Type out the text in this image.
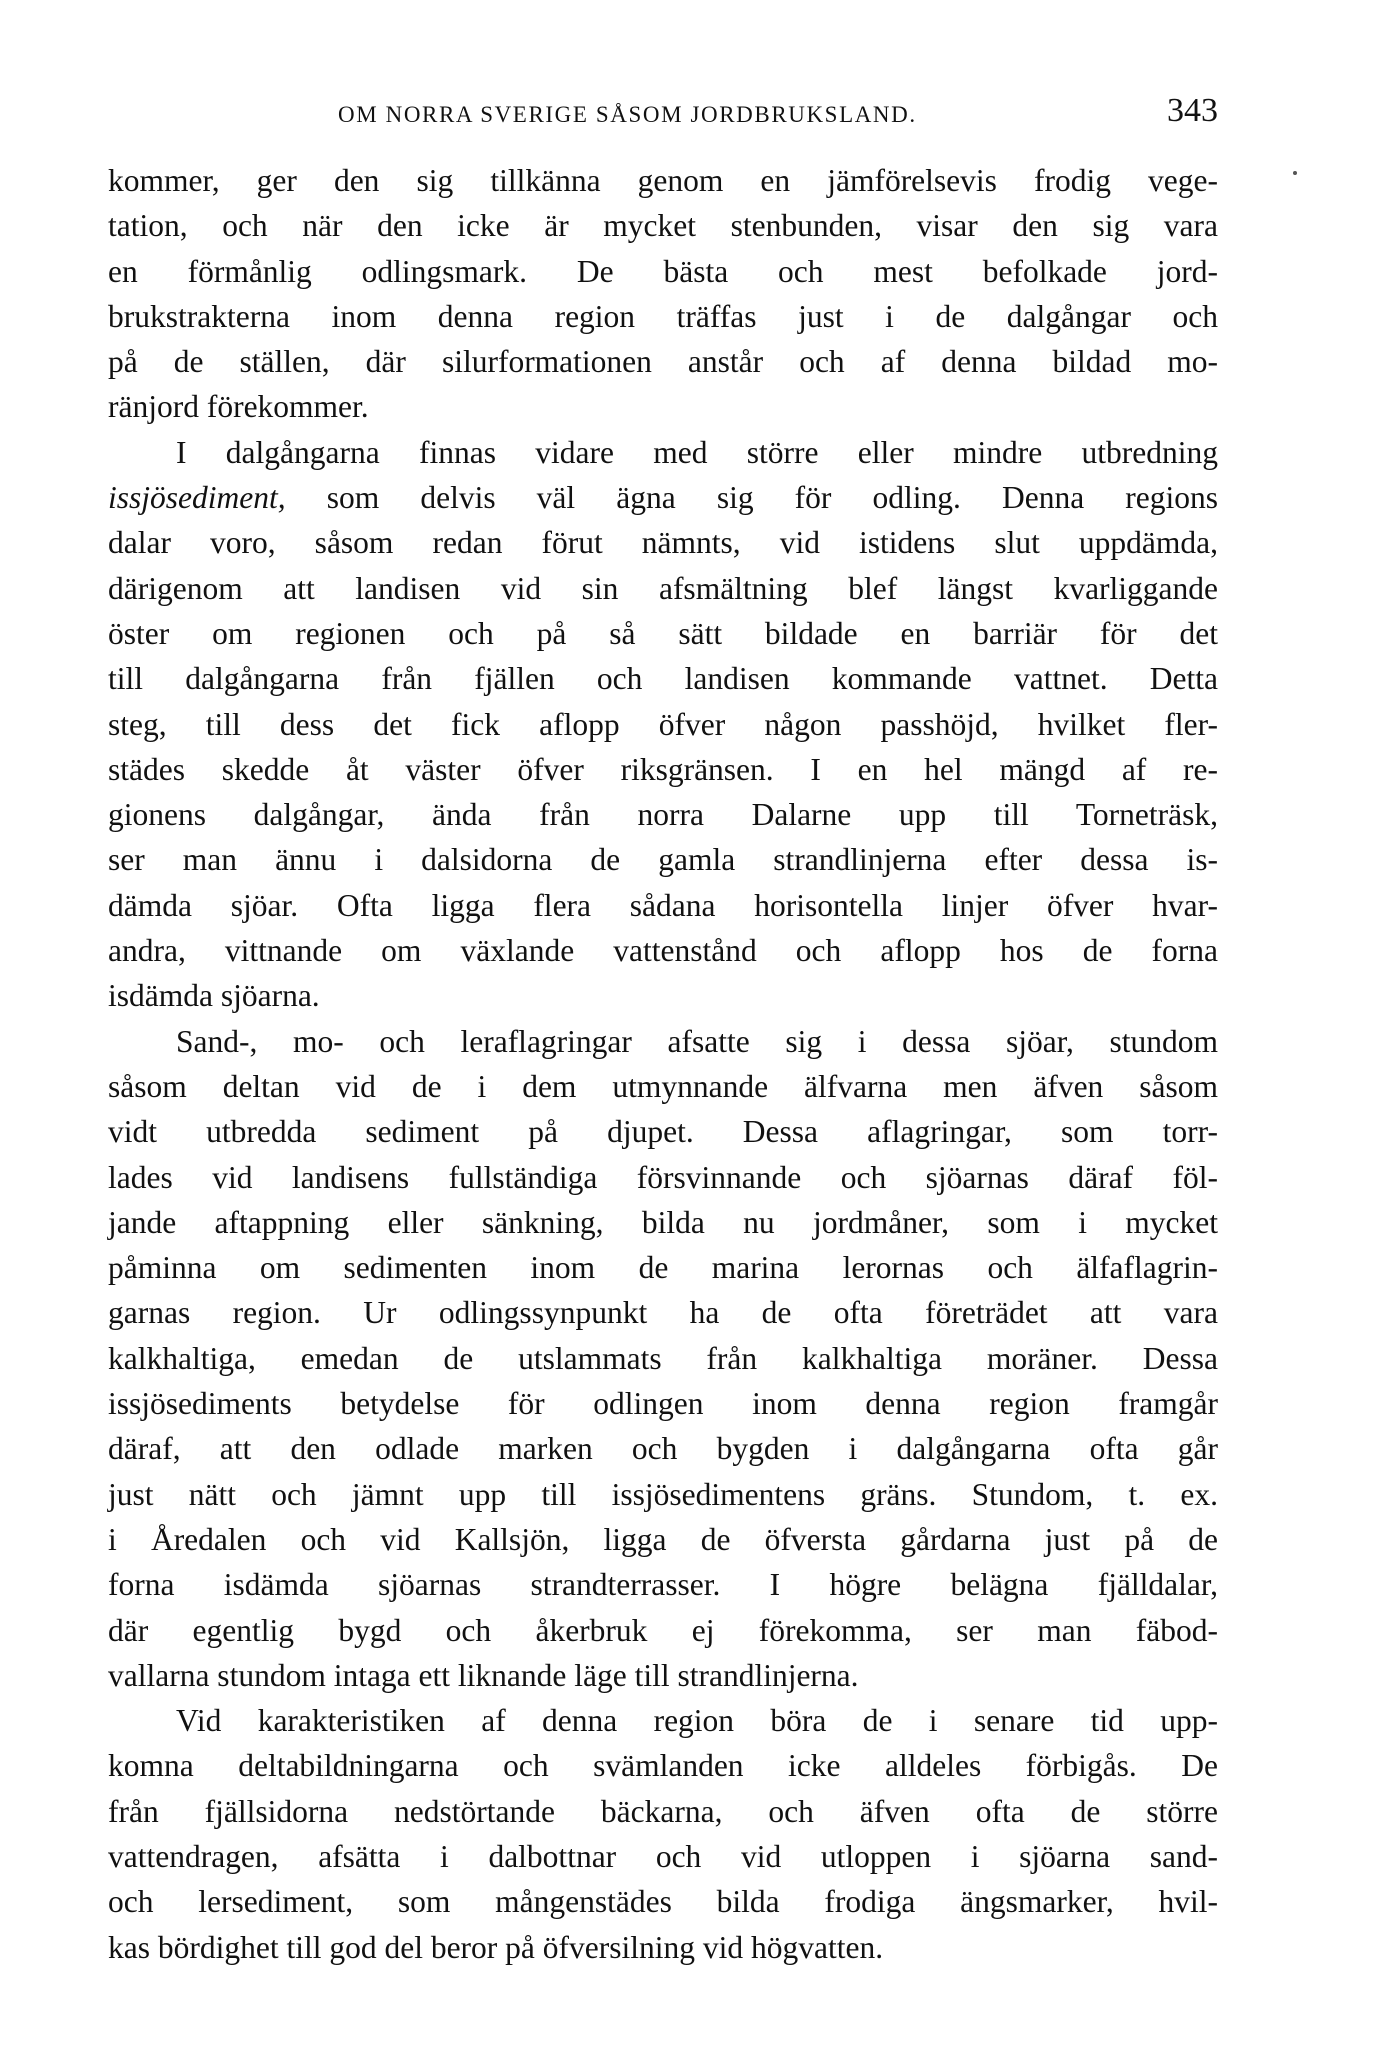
OM NORRA SVERIGE SÅSOM JORDBRUKSLAND.	343

kommer, ger den sig tillkänna genom en jämförelsevis frodig vege-
tation, och när den icke är mycket stenbunden, visar den sig vara
en förmånlig odlingsmark. De bästa och mest befolkade jord-
brukstrakterna inom denna region träffas just i de dalgångar och
på de ställen, där silurformationen anstår och af denna bildad mo-
ränjord förekommer.

I dalgångarna finnas vidare med större eller mindre utbredning
issjösediment, som delvis väl ägna sig för odling. Denna regions
dalar voro, såsom redan förut nämnts, vid istidens slut uppdämda,
därigenom att landisen vid sin afsmältning blef längst kvarliggande
öster om regionen och på så sätt bildade en barriär för det
till dalgångarna från fjällen och landisen kommande vattnet. Detta
steg, till dess det fick aflopp öfver någon passhöjd, hvilket fler-
städes skedde åt väster öfver riksgränsen. I en hel mängd af re-
gionens dalgångar, ända från norra Dalarne upp till Torneträsk,
ser man ännu i dalsidorna de gamla strandlinjerna efter dessa is-
dämda sjöar. Ofta ligga flera sådana horisontella linjer öfver hvar-
andra, vittnande om växlande vattenstånd och aflopp hos de forna
isdämda sjöarna.

Sand-, mo- och leraflagringar afsatte sig i dessa sjöar, stundom
såsom deltan vid de i dem utmynnande älfvarna men äfven såsom
vidt utbredda sediment på djupet. Dessa aflagringar, som torr-
lades vid landisens fullständiga försvinnande och sjöarnas däraf föl-
jande aftappning eller sänkning, bilda nu jordmåner, som i mycket
påminna om sedimenten inom de marina lerornas och älfaflagrin-
garnas region. Ur odlingssynpunkt ha de ofta företrädet att vara
kalkhaltiga, emedan de utslammats från kalkhaltiga moräner. Dessa
issjösediments betydelse för odlingen inom denna region framgår
däraf, att den odlade marken och bygden i dalgångarna ofta går
just nätt och jämnt upp till issjösedimentens gräns. Stundom, t. ex.
i Åredalen och vid Kallsjön, ligga de öfversta gårdarna just på de
forna isdämda sjöarnas strandterrasser. I högre belägna fjälldalar,
där egentlig bygd och åkerbruk ej förekomma, ser man fäbod-
vallarna stundom intaga ett liknande läge till strandlinjerna.

Vid karakteristiken af denna region böra de i senare tid upp-
komna deltabildningarna och svämlanden icke alldeles förbigås. De
från fjällsidorna nedstörtande bäckarna, och äfven ofta de större
vattendragen, afsätta i dalbottnar och vid utloppen i sjöarna sand-
och lersediment, som mångenstädes bilda frodiga ängsmarker, hvil-
kas bördighet till god del beror på öfversilning vid högvatten.
